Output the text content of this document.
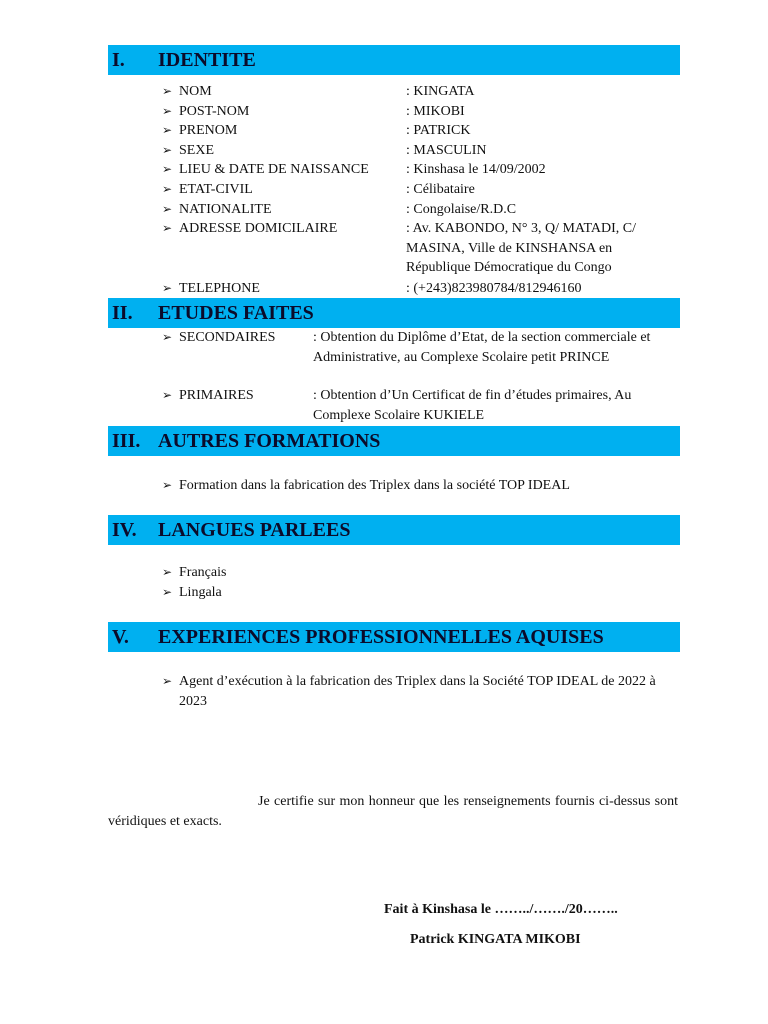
I. IDENTITE
➢ NOM	: KINGATA
➢ POST-NOM	: MIKOBI
➢ PRENOM	: PATRICK
➢ SEXE	: MASCULIN
➢ LIEU & DATE DE NAISSANCE	: Kinshasa le 14/09/2002
➢ ETAT-CIVIL	: Célibataire
➢ NATIONALITE	: Congolaise/R.D.C
➢ ADRESSE DOMICILAIRE	: Av. KABONDO, N° 3, Q/ MATADI, C/ MASINA, Ville de KINSHANSA en République Démocratique du Congo
➢ TELEPHONE	: (+243)823980784/812946160
II. ETUDES FAITES
➢ SECONDAIRES	: Obtention du Diplôme d’Etat, de la section commerciale et Administrative, au Complexe Scolaire petit PRINCE
➢ PRIMAIRES	: Obtention d’Un Certificat de fin d’études primaires, Au Complexe Scolaire KUKIELE
III. AUTRES FORMATIONS
➢ Formation dans la fabrication des Triplex dans la société TOP IDEAL
IV. LANGUES PARLEES
➢ Français
➢ Lingala
V. EXPERIENCES PROFESSIONNELLES AQUISES
➢ Agent d’exécution à la fabrication des Triplex dans la Société TOP IDEAL de 2022 à 2023
Je certifie sur mon honneur que les renseignements fournis ci-dessus sont véridiques et exacts.
Fait à Kinshasa le ……../……./20……..
Patrick KINGATA MIKOBI
